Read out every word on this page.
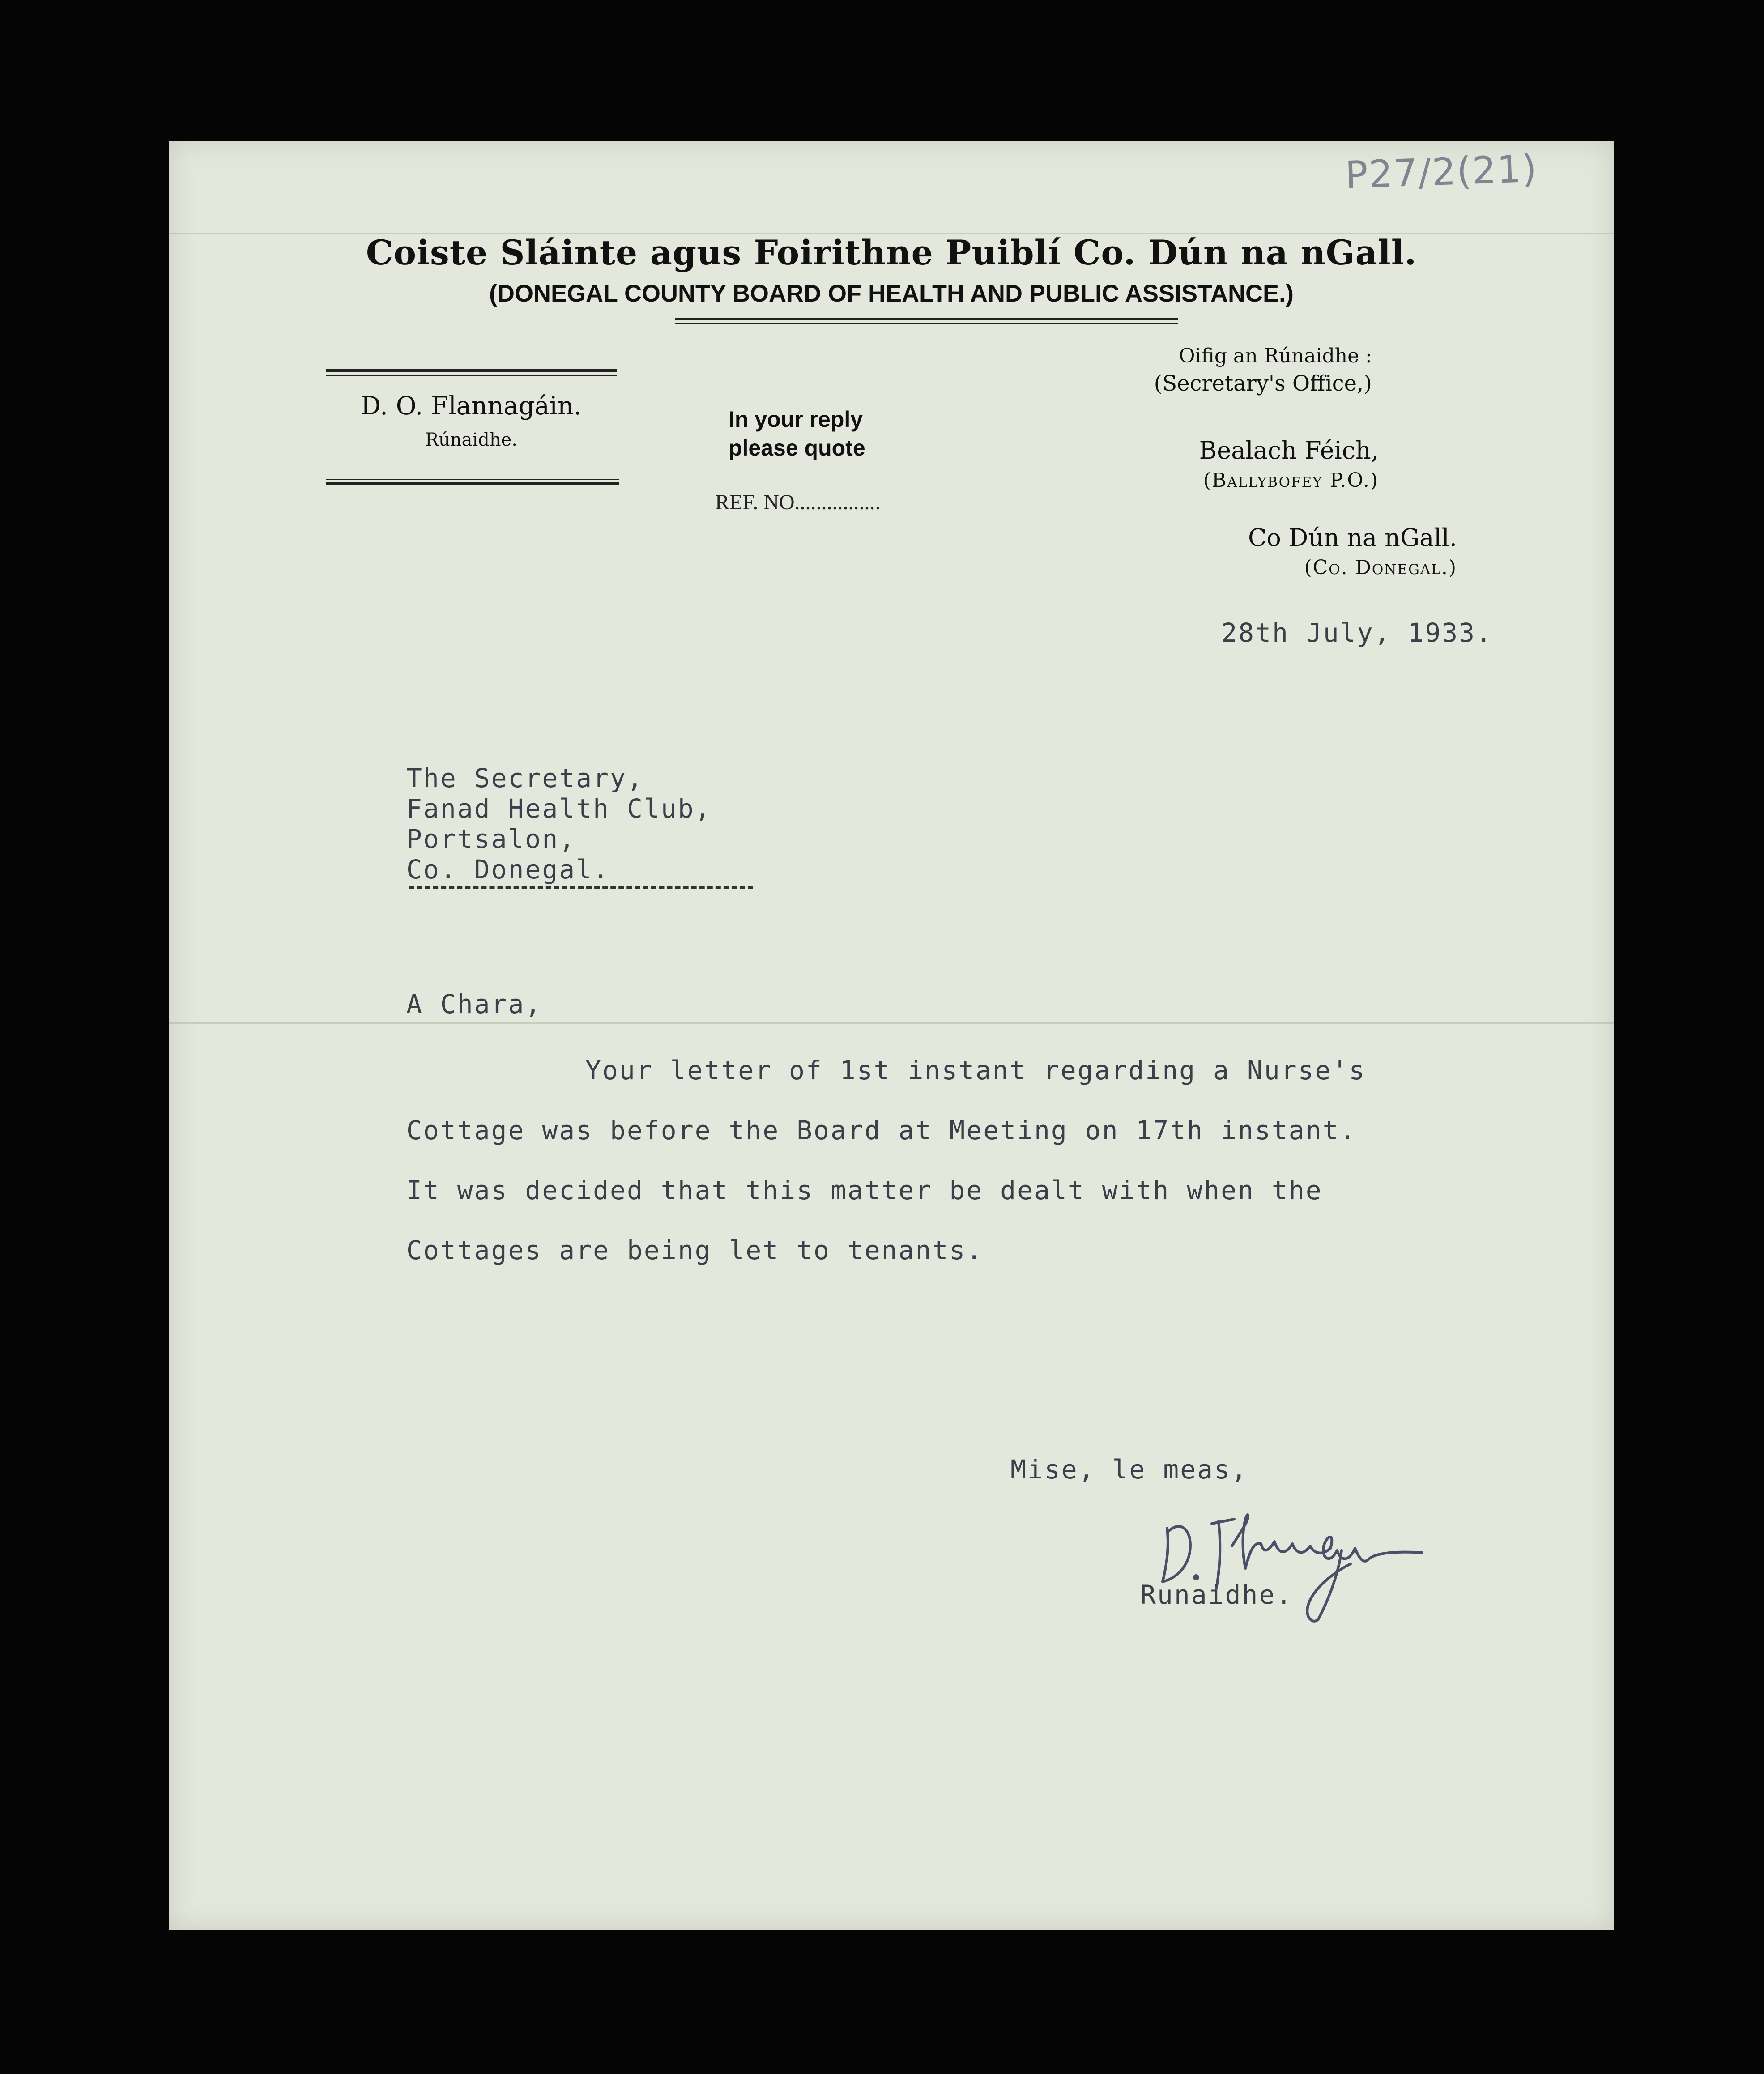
P27/2(21)
Coiste Sláinte agus Foirithne Puiblí Co. Dún na nGall.
(DONEGAL COUNTY BOARD OF HEALTH AND PUBLIC ASSISTANCE.)
D. O. Flannagáin.
Rúnaidhe.
In your reply
please quote
REF. NO................
Oifig an Rúnaidhe :
(Secretary's Office,)
Bealach Féich,
(Ballybofey P.O.)
Co Dún na nGall.
(Co. Donegal.)
28th July, 1933.
The Secretary,
Fanad Health Club,
Portsalon,
Co. Donegal.
A Chara,
Your letter of 1st instant regarding a Nurse's
Cottage was before the Board at Meeting on 17th instant.
It was decided that this matter be dealt with when the
Cottages are being let to tenants.
Mise, le meas,
Runaidhe.
